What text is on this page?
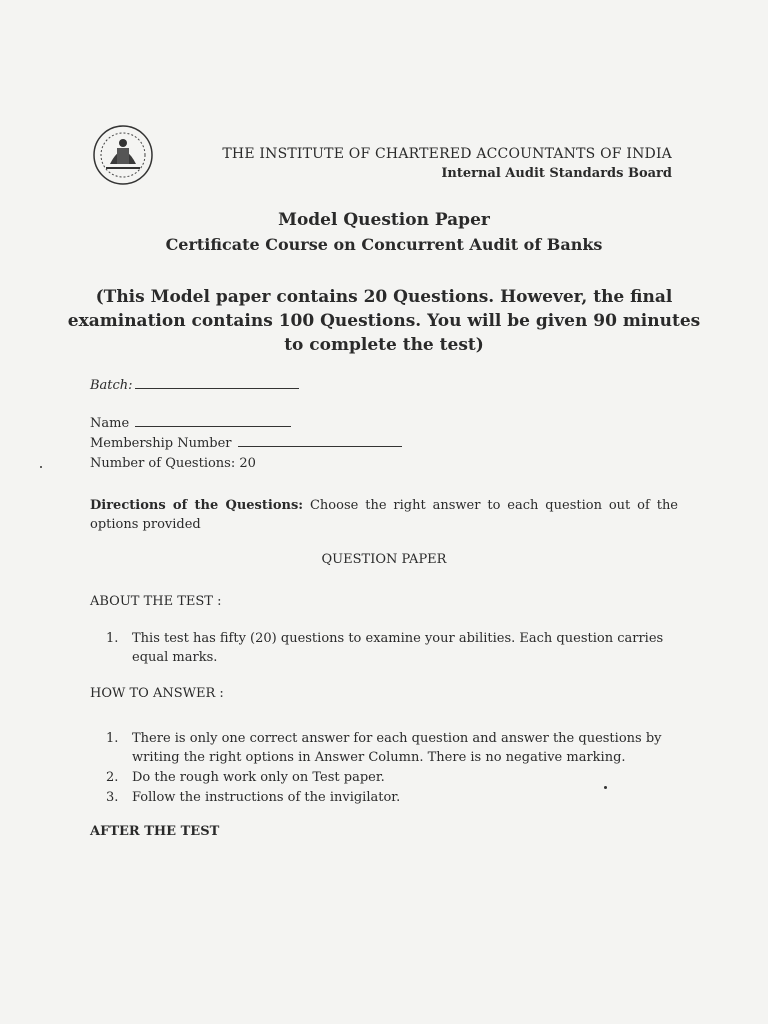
THE INSTITUTE OF CHARTERED ACCOUNTANTS OF INDIA
Internal Audit Standards Board
Model Question Paper
Certificate Course on Concurrent Audit of Banks
(This Model paper contains 20 Questions. However, the final examination contains 100 Questions. You will be given 90 minutes to complete the test)
Batch:
Name
Membership Number
Number of Questions: 20
Directions of the Questions: Choose the right answer to each question out of the options provided
QUESTION PAPER
ABOUT THE TEST :
1.	This test has fifty (20) questions to examine your abilities. Each question carries equal marks.
HOW TO ANSWER :
1.	There is only one correct answer for each question and answer the questions by writing the right options in Answer Column. There is no negative marking.
2.	Do the rough work only on Test paper.
3.	Follow the instructions of the invigilator.
AFTER THE TEST
